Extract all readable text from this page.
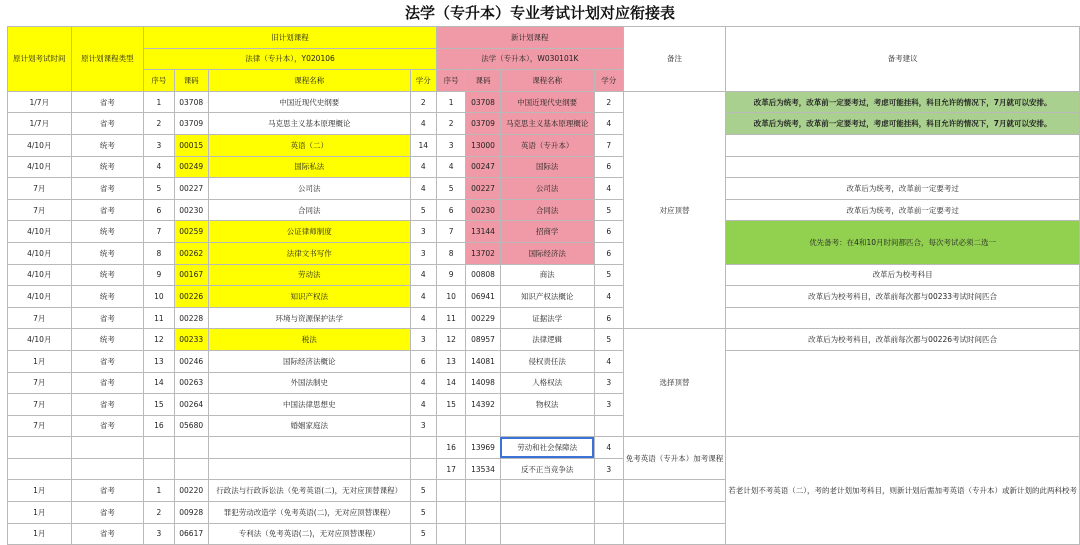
法学（专升本）专业考试计划对应衔接表
原计划考试时间	原计划课程类型	旧计划课程				新计划课程				备注	备考建议
		法律（专升本），Y020106				法学（专升本），W030101K					
		序号	课码	课程名称	学分	序号	课码	课程名称	学分		
1/7月	省考	1	03708	中国近现代史纲要	2	1	03708	中国近现代史纲要	2	对应顶替	改革后为统考，改革前一定要考过，考虑可能挂科，科目允许的情况下，7月就可以安排。
1/7月	省考	2	03709	马克思主义基本原理概论	4	2	03709	马克思主义基本原理概论	4		改革后为统考，改革前一定要考过，考虑可能挂科，科目允许的情况下，7月就可以安排。
4/10月	统考	3	00015	英语（二）	14	3	13000	英语（专升本）	7		
4/10月	统考	4	00249	国际私法	4	4	00247	国际法	6		
7月	省考	5	00227	公司法	4	5	00227	公司法	4		改革后为统考，改革前一定要考过
7月	省考	6	00230	合同法	5	6	00230	合同法	5		改革后为统考，改革前一定要考过
4/10月	统考	7	00259	公证律师制度	3	7	13144	招商学	6		优先备考：在4和10月时间都匹合，每次考试必须二选一
4/10月	统考	8	00262	法律文书写作	3	8	13702	国际经济法	6		
4/10月	统考	9	00167	劳动法	4	9	00808	商法	5		改革后为校考科目
4/10月	统考	10	00226	知识产权法	4	10	06941	知识产权法概论	4		改革后为校考科目，改革前每次都与00233考试时间匹合
7月	省考	11	00228	环境与资源保护法学	4	11	00229	证据法学	6		
4/10月	统考	12	00233	税法	3	12	08957	法律逻辑	5	选择顶替	改革后为校考科目，改革前每次都与00226考试时间匹合
1月	省考	13	00246	国际经济法概论	6	13	14081	侵权责任法	4		
7月	省考	14	00263	外国法制史	4	14	14098	人格权法	3		
7月	省考	15	00264	中国法律思想史	4	15	14392	物权法	3		
7月	省考	16	05680	婚姻家庭法	3						
						16	13969	劳动和社会保障法	4	免考英语（专升本）加考课程	若老计划不考英语（二），考的老计划加考科目，则新计划后需加考英语（专升本）或新计划的此两科校考
						17	13534	反不正当竞争法	3		
1月	省考	1	00220	行政法与行政诉讼法（免考英语(二)，无对应顶替课程）	5						
1月	省考	2	00928	罪犯劳动改造学（免考英语(二)，无对应顶替课程）	5						
1月	省考	3	06617	专利法（免考英语(二)，无对应顶替课程）	5						
